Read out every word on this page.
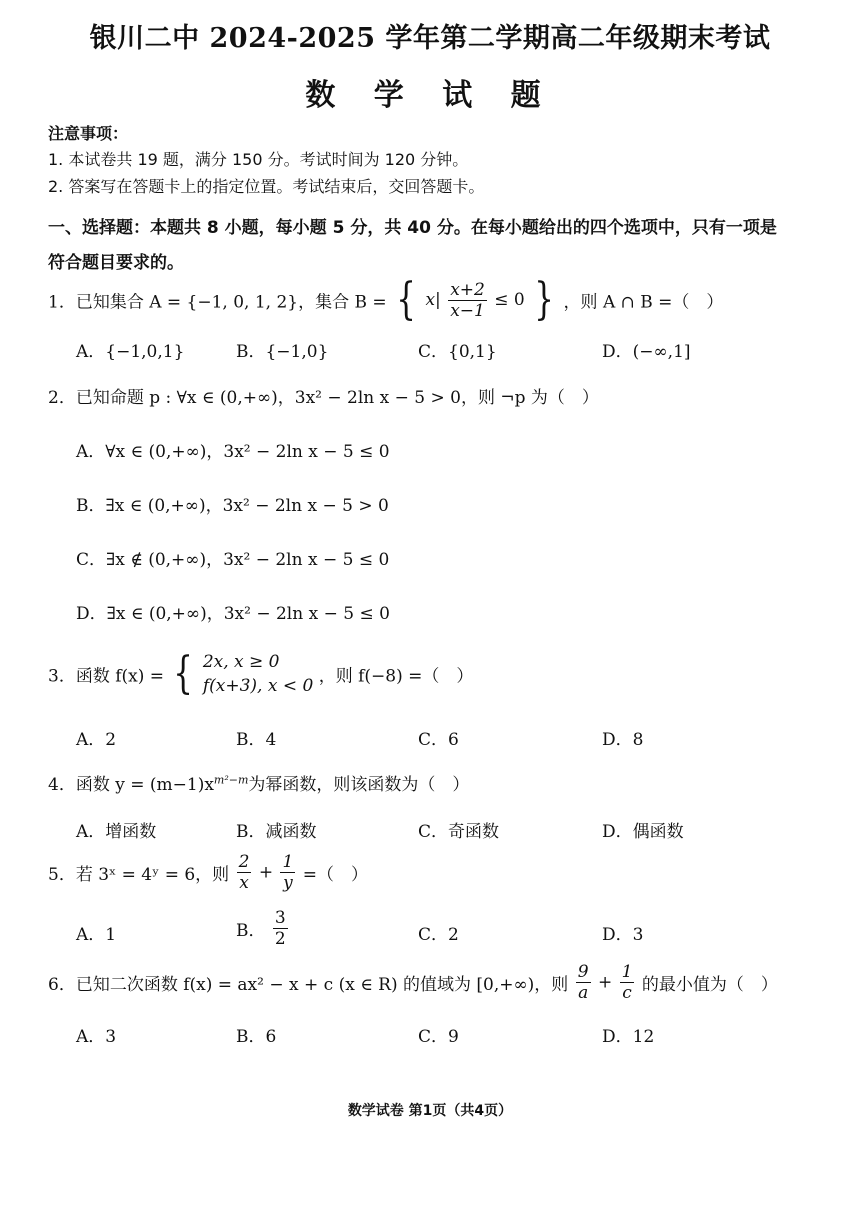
银川二中 2024-2025 学年第二学期高二年级期末考试
数 学 试 题
注意事项：
1. 本试卷共 19 题，满分 150 分。考试时间为 120 分钟。
2. 答案写在答题卡上的指定位置。考试结束后，交回答题卡。
一、选择题：本题共 8 小题，每小题 5 分，共 40 分。在每小题给出的四个选项中，只有一项是
符合题目要求的。
1．已知集合 A = {−1, 0, 1, 2}，集合 B = { $x| \frac{x+2}{x-1} \le 0$ } ，则 A ∩ B =（　）
A．{−1,0,1}	B．{−1,0}	C．{0,1}	D．(−∞,1]
2．已知命题 p : ∀x ∈ (0,+∞)，3x² − 2ln x − 5 > 0，则 ¬p 为（　）
A．∀x ∈ (0,+∞)，3x² − 2ln x − 5 ≤ 0
B．∃x ∈ (0,+∞)，3x² − 2ln x − 5 > 0
C．∃x ∉ (0,+∞)，3x² − 2ln x − 5 ≤ 0
D．∃x ∈ (0,+∞)，3x² − 2ln x − 5 ≤ 0
3．函数 f(x) = { 2x, x ≥ 0
f(x+3), x < 0 ，则 f(−8) =（　）
A．2	B．4	C．6	D．8
4．函数 $y = (m-1)x^{m^2-m}$为幂函数，则该函数为（　）
A．增函数	B．减函数	C．奇函数	D．偶函数
5．若 3ˣ = 4ʸ = 6，则 $\frac{2}{x} + \frac{1}{y}$ =（　）
A．1	B． $\frac{3}{2}$	C．2	D．3
6．已知二次函数 f(x) = ax² − x + c (x ∈ R) 的值域为 [0,+∞)，则 $\frac{9}{a} + \frac{1}{c}$ 的最小值为（　）
A．3	B．6	C．9	D．12
数学试卷 第1页（共4页）
